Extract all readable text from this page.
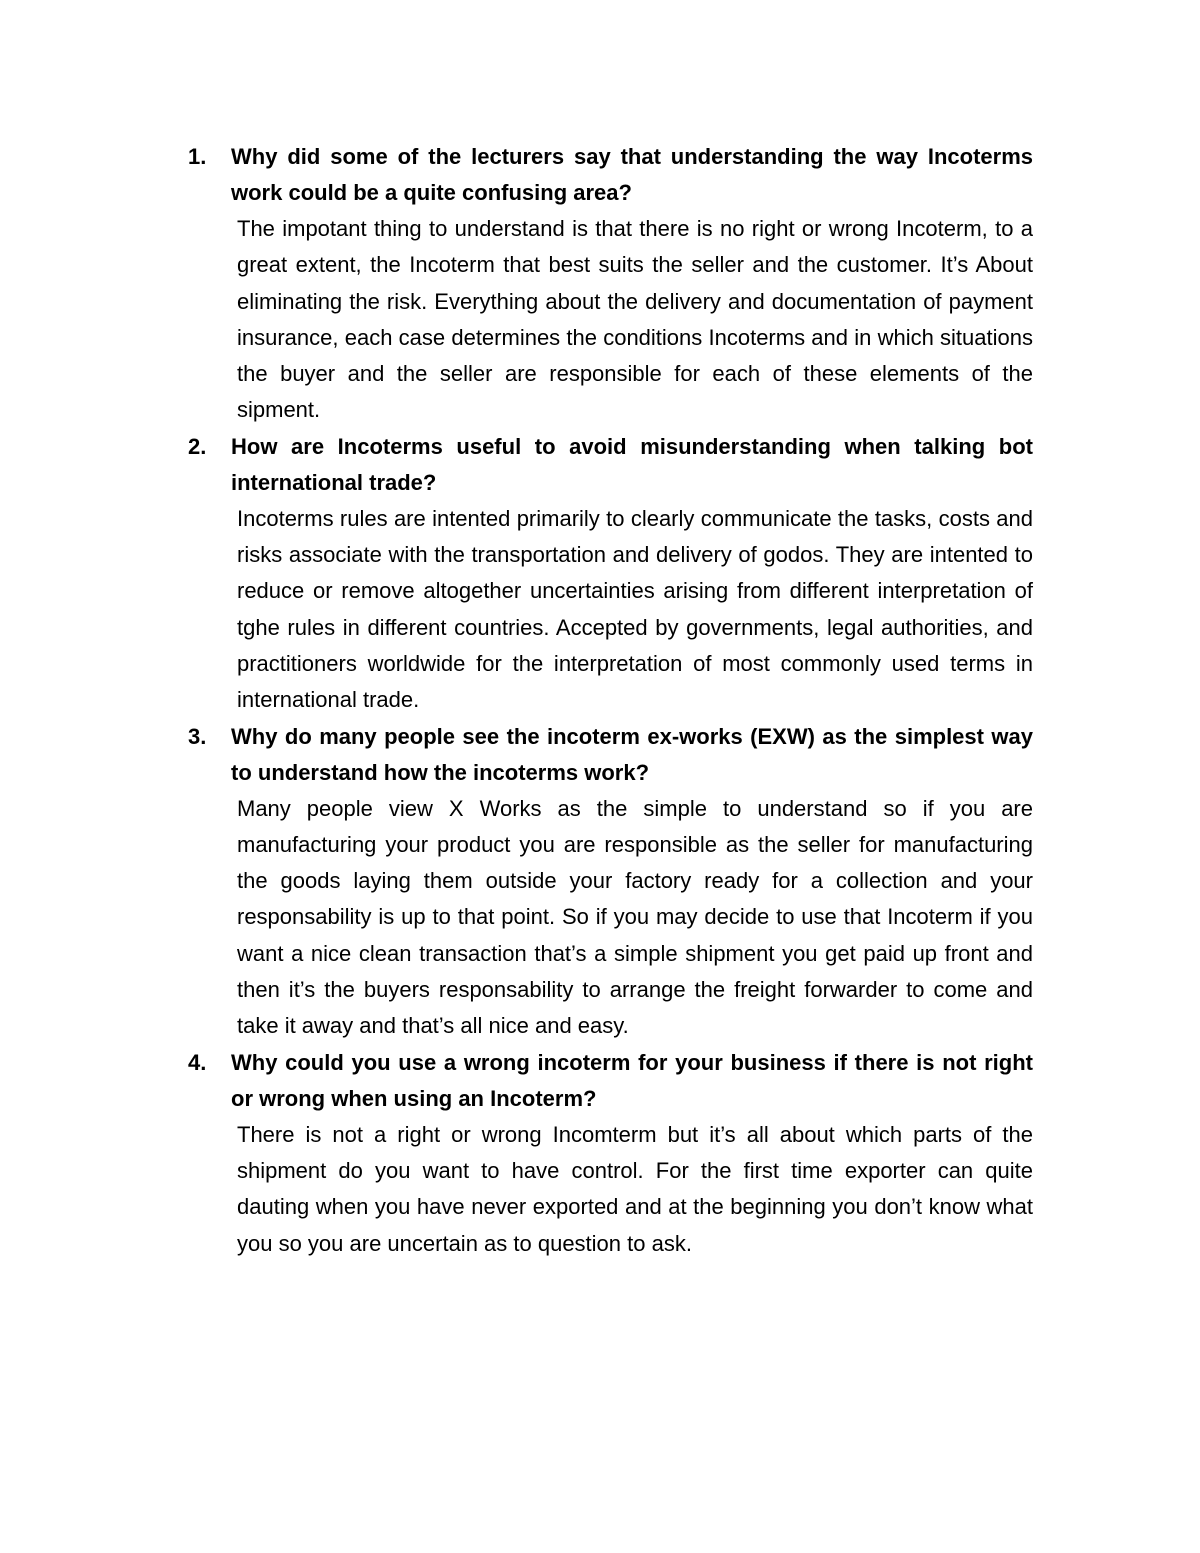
1. Why did some of the lecturers say that understanding the way Incoterms work could be a quite confusing area?

The impotant thing to understand is that there is no right or wrong Incoterm, to a great extent, the Incoterm that best suits the seller and the customer. It’s About eliminating the risk. Everything about the delivery and documentation of payment insurance, each case determines the conditions Incoterms and in which situations the buyer and the seller are responsible for each of these elements of the sipment.

2. How are Incoterms useful to avoid misunderstanding when talking bot international trade?

Incoterms rules are intented primarily to clearly communicate the tasks, costs and risks associate with the transportation and delivery of godos. They are intented to reduce or remove altogether uncertainties arising from different interpretation of tghe rules in different countries. Accepted by governments, legal authorities, and practitioners worldwide for the interpretation of most commonly used terms in international trade.

3. Why do many people see the incoterm ex-works (EXW) as the simplest way to understand how the incoterms work?

Many people view X Works as the simple to understand so if you are manufacturing your product you are responsible as the seller for manufacturing the goods laying them outside your factory ready for a collection and your responsability is up to that point. So if you may decide to use that Incoterm if you want a nice clean transaction that’s a simple shipment you get paid up front and then it’s the buyers responsability to arrange the freight forwarder to come and take it away and that’s all nice and easy.

4. Why could you use a wrong incoterm for your business if there is not right or wrong when using an Incoterm?

There is not a right or wrong Incomterm but it’s all about which parts of the shipment do you want to have control. For the first time exporter can quite dauting when you have never exported and at the beginning you don’t know what you so you are uncertain as to question to ask.
